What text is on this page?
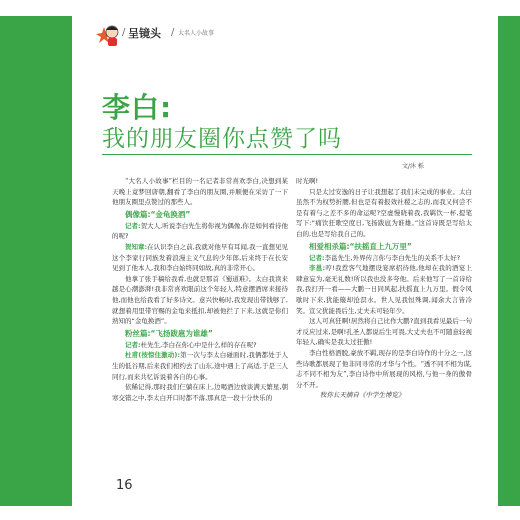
/ 呈镜头 / 大名人小故事
李白:
我的朋友圈你点赞了吗
文/沐 栎

“大名人小故事”栏目的一名记者非常喜欢李白,决想到某天晚上竟梦回唐朝,翻看了李白的朋友圈,并顺便在采访了一下他朋友圈里点赞过的那些人。

偶像篇:“金龟换酒”

记者:贺大人,听说李白先生将你视为偶像,你是如何看待他的呢?

贺知章:在认识李白之前,我就对他早有耳闻,我一直想见见这个李家行同族发着浪漫主义气息的少年郎,后来终于在长安见到了他本人,我和李白始终同如故,真的非常开心。

他拿了张手稿给我看,也就是那首《蜀道难》。太白我读来越是心潮澎湃!我非常喜欢眼前这个年轻人,特意摆酒席来接待他,而他也给我看了好多诗文。意兴快畅时,我发现出带钱够了,就想着用里带官赐的金龟来抵扣,却被他拦了下来,这就是你们熟知的“金龟换酒”。

粉丝篇:“飞扬跋扈为谁雄”

记者:杜先生,李白在你心中是什么样的存在呢?

杜甫(按惊住激动):第一次与李太白碰面时,我俩都处于人生的低谷期,后来我们相约去了山东,途中遇上了高适,于是三人同行,而来共忆诉说着各自的心事。

依稀记得,那时我们仨躺在床上,边喝酒边放谈满天繁星,朝寒交错之中,李太白开口时都不落,那真是一段十分快乐的

时光啊!

只是太过安逸的日子让我想起了我们未完成的事业。太白虽然不为权势折腰,但也是有着报效社稷之志的,而我又何尝不是有着与之差不多的命运呢?空虚慢晓着我,我羁饮一杯,提笔写下:“痛饮狂歌空度日,飞扬跋扈为谁雄。”这首诗既是写给太白的,也是写给我自己的。

相爱相杀篇:“扶摇直上九万里”

记者:李邕先生,外界传言你与李白先生的关系不太好?

李邕:哼!我惹客气地摆设宴席招待他,他却在我的酒宴上肆意妄为,毫无礼数!所以我也没多夸他。后来他写了一首诗给我,我打开一看——大鹏一日同风起,扶摇直上九万里。假令风歇时下来,犹能簸却沧溟水。世人见我恒殊调,闻余大言皆冷笑。宣父犹能畏后生,丈夫未可轻年少。

这人可真狂啊!居然将自己比作大鹏?直到我看见最后一句才反应过来,是啊!孔圣人都说后生可畏,大丈夫也不可随意轻视年轻人,确实是我太过狂傲!

李白性格洒脱,豪放不羁,现存的是李白诗作的十分之一,这些诗歌都展现了他非同寻常的才华与个性。“透不同不相为谋,志不同不相为友”,李白诗作中所展现的风格,与他一身的傲骨分不开。

牧你长天摘自《中学生博览》

16
